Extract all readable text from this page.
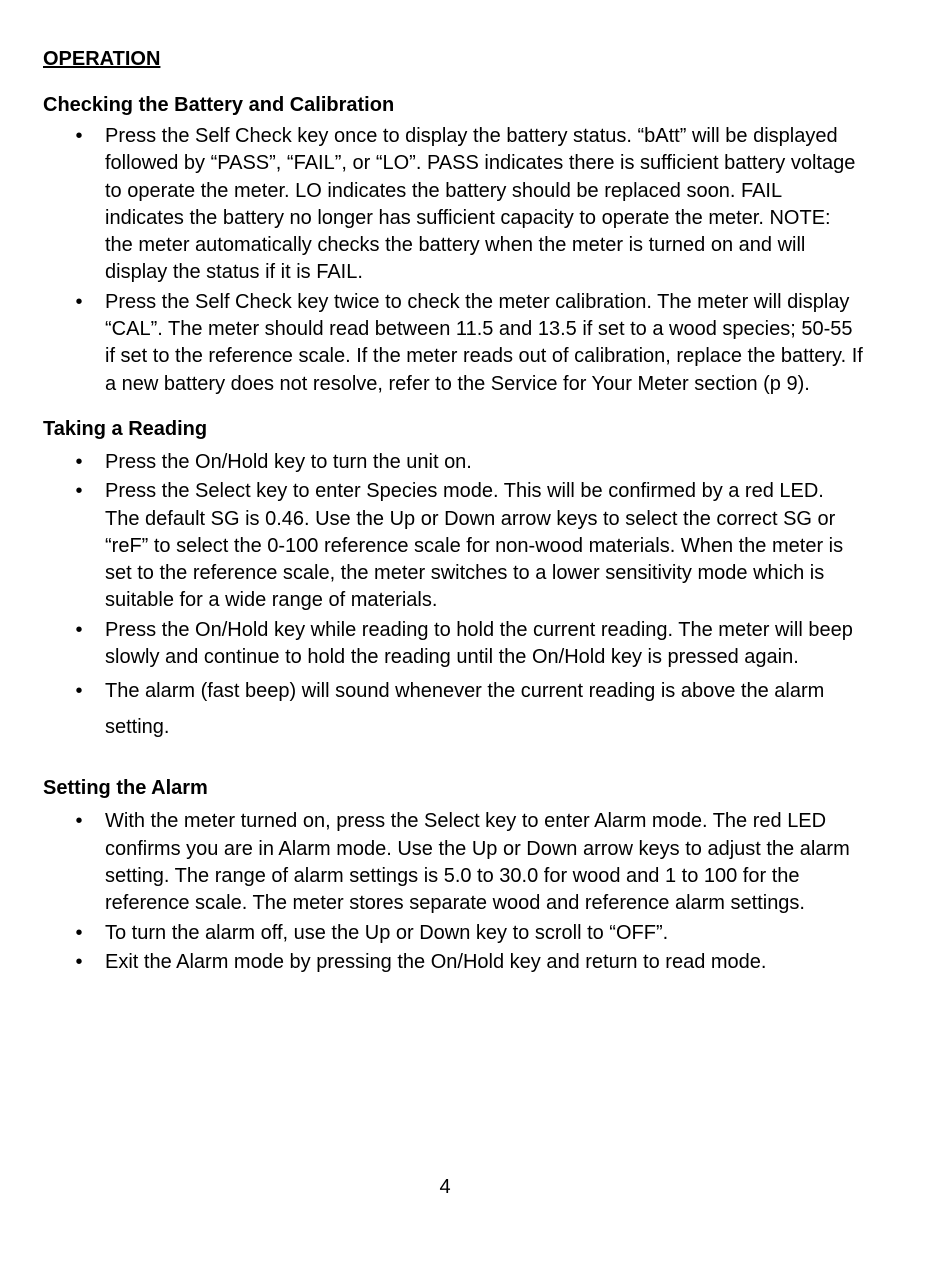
OPERATION
Checking the Battery and Calibration
• Press the Self Check key once to display the battery status. “bAtt” will be displayed followed by “PASS”, “FAIL”, or “LO”. PASS indicates there is sufficient battery voltage to operate the meter. LO indicates the battery should be replaced soon. FAIL indicates the battery no longer has sufficient capacity to operate the meter. NOTE: the meter automatically checks the battery when the meter is turned on and will display the status if it is FAIL.
• Press the Self Check key twice to check the meter calibration. The meter will display “CAL”. The meter should read between 11.5 and 13.5 if set to a wood species; 50-55 if set to the reference scale. If the meter reads out of calibration, replace the battery. If a new battery does not resolve, refer to the Service for Your Meter section (p 9).
Taking a Reading
• Press the On/Hold key to turn the unit on.
• Press the Select key to enter Species mode. This will be confirmed by a red LED. The default SG is 0.46. Use the Up or Down arrow keys to select the correct SG or “reF” to select the 0-100 reference scale for non-wood materials. When the meter is set to the reference scale, the meter switches to a lower sensitivity mode which is suitable for a wide range of materials.
• Press the On/Hold key while reading to hold the current reading. The meter will beep slowly and continue to hold the reading until the On/Hold key is pressed again.
• The alarm (fast beep) will sound whenever the current reading is above the alarm setting.
Setting the Alarm
• With the meter turned on, press the Select key to enter Alarm mode. The red LED confirms you are in Alarm mode. Use the Up or Down arrow keys to adjust the alarm setting. The range of alarm settings is 5.0 to 30.0 for wood and 1 to 100 for the reference scale. The meter stores separate wood and reference alarm settings.
• To turn the alarm off, use the Up or Down key to scroll to “OFF”.
• Exit the Alarm mode by pressing the On/Hold key and return to read mode.
4
